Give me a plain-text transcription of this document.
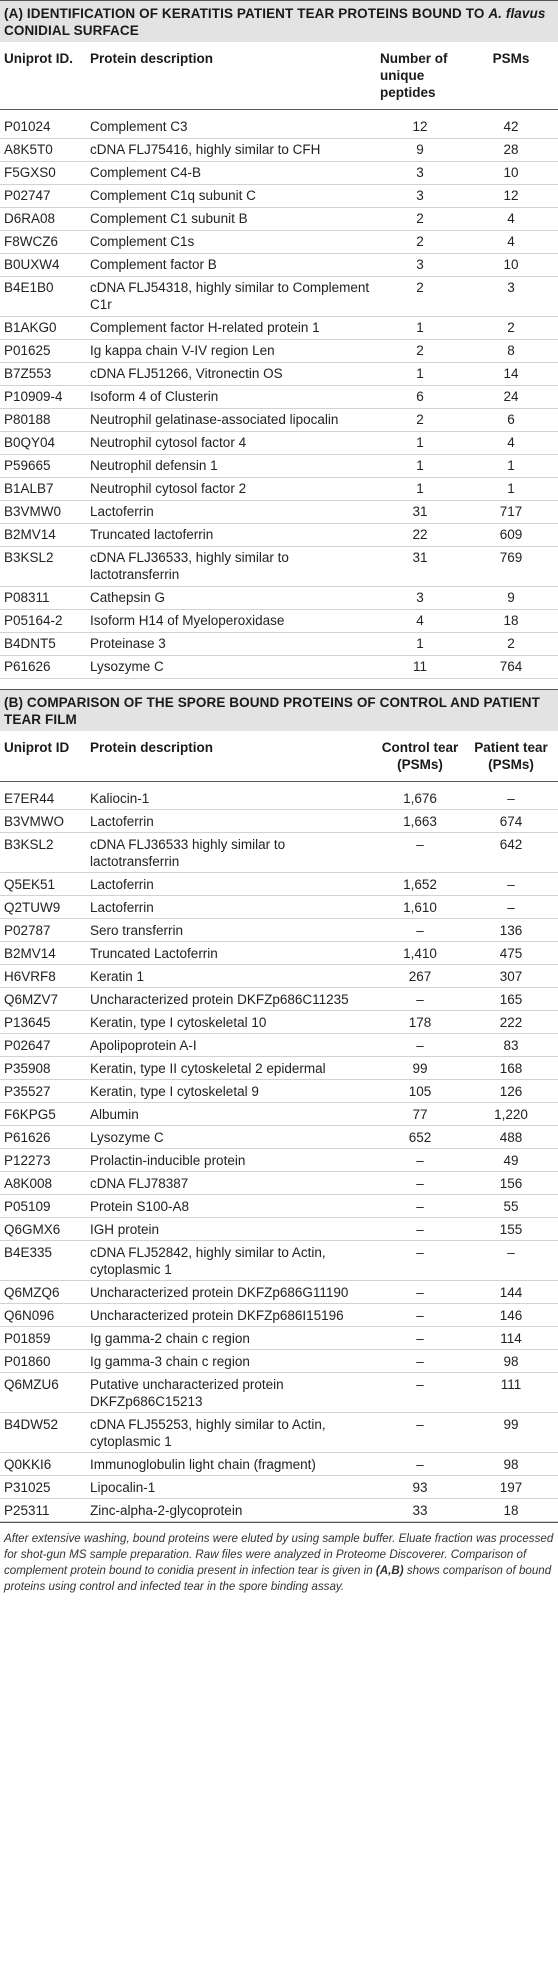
(A) IDENTIFICATION OF KERATITIS PATIENT TEAR PROTEINS BOUND TO A. flavus CONIDIAL SURFACE
Uniprot ID.	Protein description	Number of unique peptides	PSMs
P01024	Complement C3	12	42
A8K5T0	cDNA FLJ75416, highly similar to CFH	9	28
F5GXS0	Complement C4-B	3	10
P02747	Complement C1q subunit C	3	12
D6RA08	Complement C1 subunit B	2	4
F8WCZ6	Complement C1s	2	4
B0UXW4	Complement factor B	3	10
B4E1B0	cDNA FLJ54318, highly similar to Complement C1r	2	3
B1AKG0	Complement factor H-related protein 1	1	2
P01625	Ig kappa chain V-IV region Len	2	8
B7Z553	cDNA FLJ51266, Vitronectin OS	1	14
P10909-4	Isoform 4 of Clusterin	6	24
P80188	Neutrophil gelatinase-associated lipocalin	2	6
B0QY04	Neutrophil cytosol factor 4	1	4
P59665	Neutrophil defensin 1	1	1
B1ALB7	Neutrophil cytosol factor 2	1	1
B3VMW0	Lactoferrin	31	717
B2MV14	Truncated lactoferrin	22	609
B3KSL2	cDNA FLJ36533, highly similar to lactotransferrin	31	769
P08311	Cathepsin G	3	9
P05164-2	Isoform H14 of Myeloperoxidase	4	18
B4DNT5	Proteinase 3	1	2
P61626	Lysozyme C	11	764
(B) COMPARISON OF THE SPORE BOUND PROTEINS OF CONTROL AND PATIENT TEAR FILM
Uniprot ID	Protein description	Control tear (PSMs)	Patient tear (PSMs)
E7ER44	Kaliocin-1	1,676	–
B3VMWO	Lactoferrin	1,663	674
B3KSL2	cDNA FLJ36533 highly similar to lactotransferrin	–	642
Q5EK51	Lactoferrin	1,652	–
Q2TUW9	Lactoferrin	1,610	–
P02787	Sero transferrin	–	136
B2MV14	Truncated Lactoferrin	1,410	475
H6VRF8	Keratin 1	267	307
Q6MZV7	Uncharacterized protein DKFZp686C11235	–	165
P13645	Keratin, type I cytoskeletal 10	178	222
P02647	Apolipoprotein A-I	–	83
P35908	Keratin, type II cytoskeletal 2 epidermal	99	168
P35527	Keratin, type I cytoskeletal 9	105	126
F6KPG5	Albumin	77	1,220
P61626	Lysozyme C	652	488
P12273	Prolactin-inducible protein	–	49
A8K008	cDNA FLJ78387	–	156
P05109	Protein S100-A8	–	55
Q6GMX6	IGH protein	–	155
B4E335	cDNA FLJ52842, highly similar to Actin, cytoplasmic 1	–	–
Q6MZQ6	Uncharacterized protein DKFZp686G11190	–	144
Q6N096	Uncharacterized protein DKFZp686I15196	–	146
P01859	Ig gamma-2 chain c region	–	114
P01860	Ig gamma-3 chain c region	–	98
Q6MZU6	Putative uncharacterized protein DKFZp686C15213	–	111
B4DW52	cDNA FLJ55253, highly similar to Actin, cytoplasmic 1	–	99
Q0KKI6	Immunoglobulin light chain (fragment)	–	98
P31025	Lipocalin-1	93	197
P25311	Zinc-alpha-2-glycoprotein	33	18
After extensive washing, bound proteins were eluted by using sample buffer. Eluate fraction was processed for shot-gun MS sample preparation. Raw files were analyzed in Proteome Discoverer. Comparison of complement protein bound to conidia present in infection tear is given in (A,B) shows comparison of bound proteins using control and infected tear in the spore binding assay.
